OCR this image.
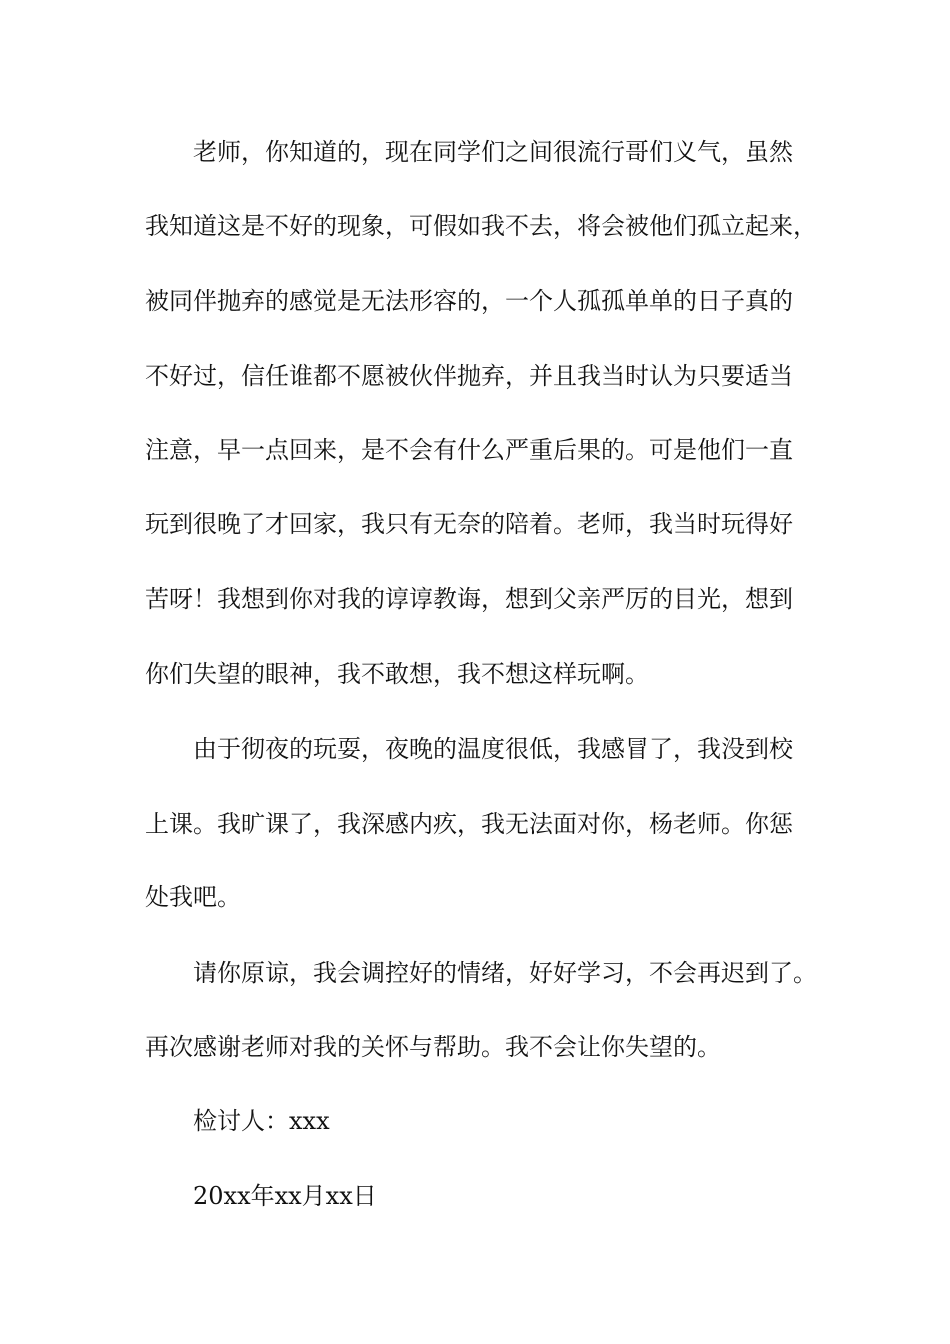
老师，你知道的，现在同学们之间很流行哥们义气，虽然

我知道这是不好的现象，可假如我不去，将会被他们孤立起来，

被同伴抛弃的感觉是无法形容的，一个人孤孤单单的日子真的

不好过，信任谁都不愿被伙伴抛弃，并且我当时认为只要适当

注意，早一点回来，是不会有什么严重后果的。可是他们一直

玩到很晚了才回家，我只有无奈的陪着。老师，我当时玩得好

苦呀！我想到你对我的谆谆教诲，想到父亲严厉的目光，想到

你们失望的眼神，我不敢想，我不想这样玩啊。

由于彻夜的玩耍，夜晚的温度很低，我感冒了，我没到校

上课。我旷课了，我深感内疚，我无法面对你，杨老师。你惩

处我吧。

请你原谅，我会调控好的情绪，好好学习，不会再迟到了。

再次感谢老师对我的关怀与帮助。我不会让你失望的。

检讨人：xxx

20xx年xx月xx日
